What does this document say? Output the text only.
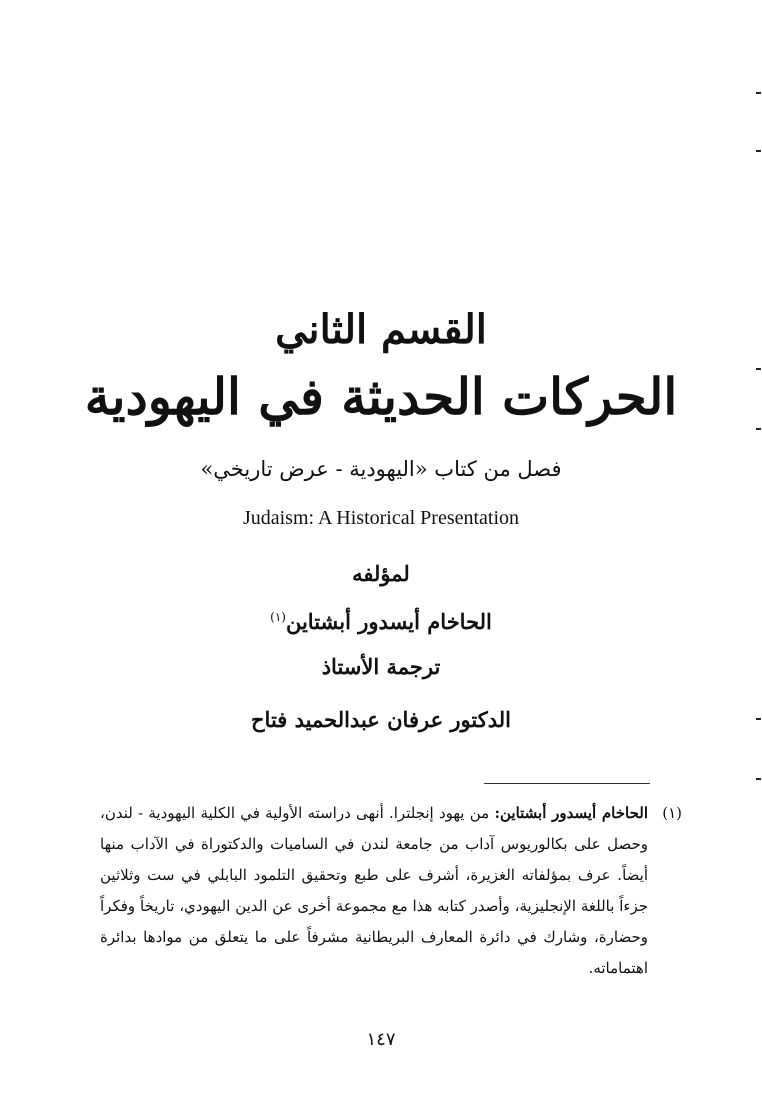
القسم الثاني
الحركات الحديثة في اليهودية
فصل من كتاب «اليهودية - عرض تاريخي»
Judaism: A Historical Presentation
لمؤلفه
الحاخام أيسدور أبشتاين$^{(١)}$
ترجمة الأستاذ
الدكتور عرفان عبدالحميد فتاح
(١)
الحاخام أيسدور أبشتاين: من يهود إنجلترا. أنهى دراسته الأولية في الكلية اليهودية - لندن، وحصل على بكالوريوس آداب من جامعة لندن في الساميات والدكتوراة في الآداب منها أيضاً. عرف بمؤلفاته الغزيرة، أشرف على طبع وتحقيق التلمود البابلي في ست وثلاثين جزءاً باللغة الإنجليزية، وأصدر كتابه هذا مع مجموعة أخرى عن الدين اليهودي، تاريخاً وفكراً وحضارة، وشارك في دائرة المعارف البريطانية مشرفاً على ما يتعلق من موادها بدائرة اهتماماته.
١٤٧
